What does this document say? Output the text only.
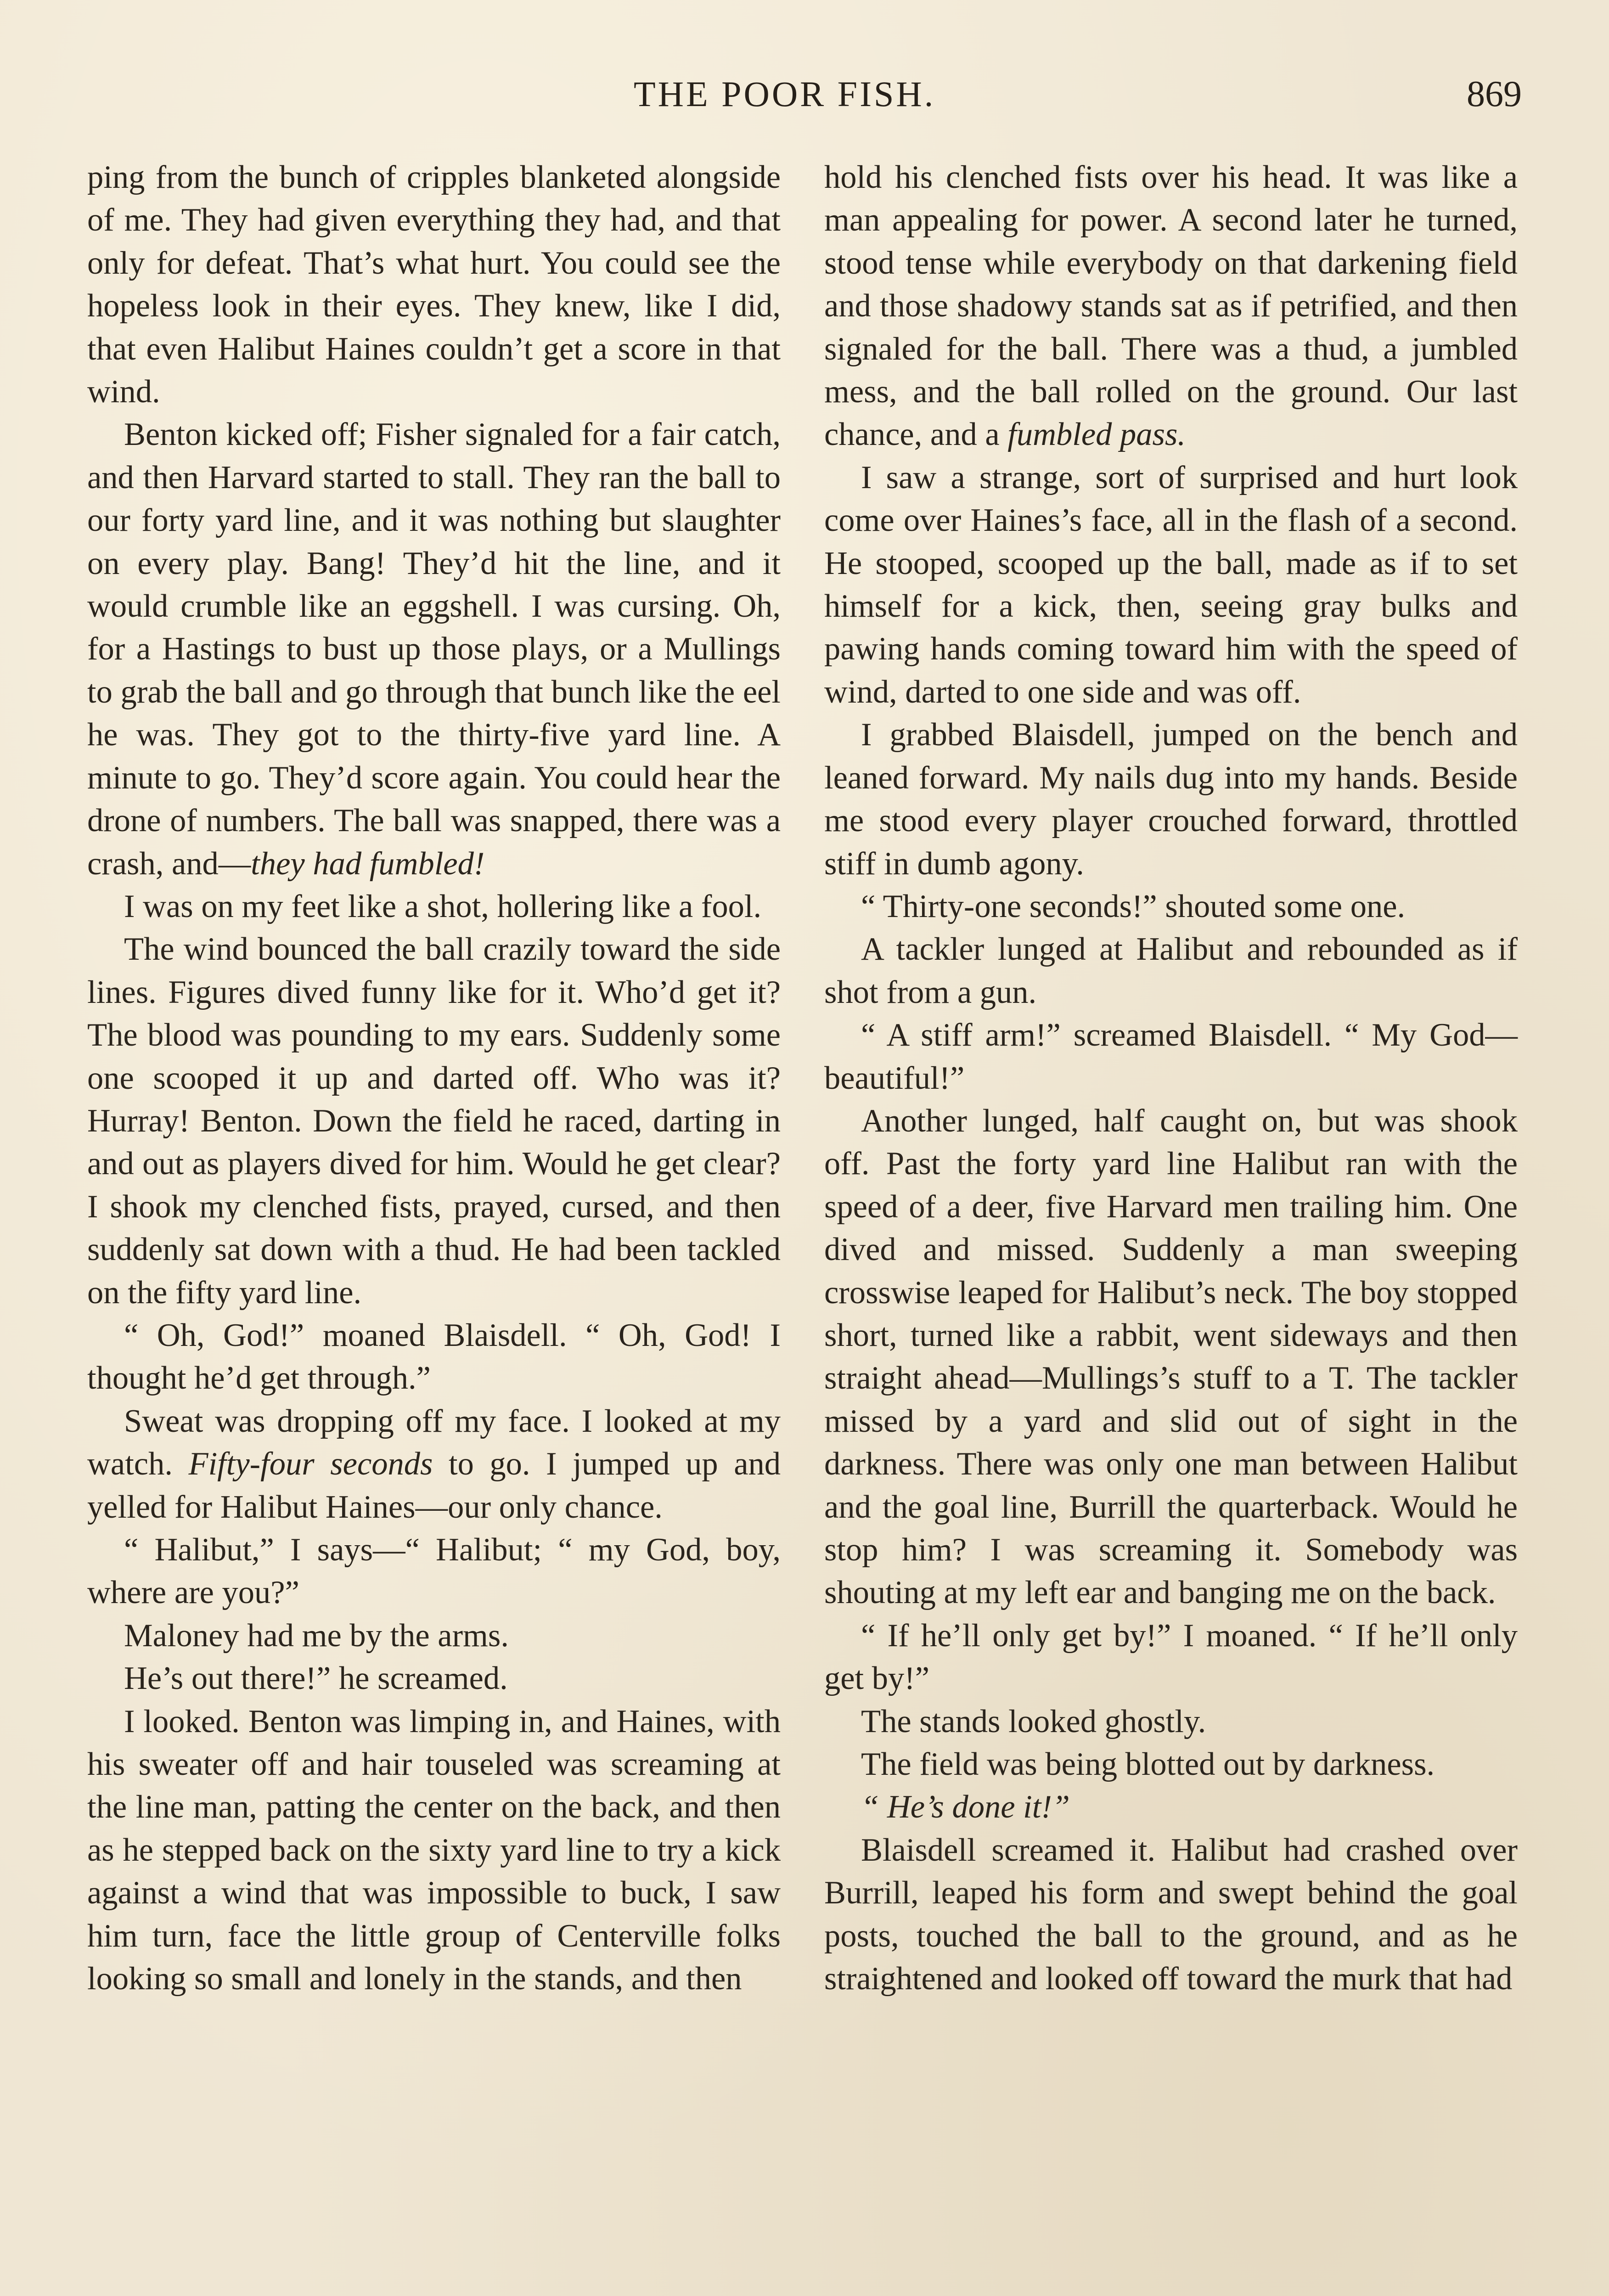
THE POOR FISH.	869

ping from the bunch of cripples blanketed alongside of me. They had given everything they had, and that only for defeat. That’s what hurt. You could see the hopeless look in their eyes. They knew, like I did, that even Halibut Haines couldn’t get a score in that wind.

Benton kicked off; Fisher signaled for a fair catch, and then Harvard started to stall. They ran the ball to our forty yard line, and it was nothing but slaughter on every play. Bang! They’d hit the line, and it would crumble like an eggshell. I was cursing. Oh, for a Hastings to bust up those plays, or a Mullings to grab the ball and go through that bunch like the eel he was. They got to the thirty-five yard line. A minute to go. They’d score again. You could hear the drone of numbers. The ball was snapped, there was a crash, and—they had fumbled!

I was on my feet like a shot, hollering like a fool.

The wind bounced the ball crazily toward the side lines. Figures dived funny like for it. Who’d get it? The blood was pounding to my ears. Suddenly some one scooped it up and darted off. Who was it? Hurray! Benton. Down the field he raced, darting in and out as players dived for him. Would he get clear? I shook my clenched fists, prayed, cursed, and then suddenly sat down with a thud. He had been tackled on the fifty yard line.

“ Oh, God!” moaned Blaisdell. “ Oh, God! I thought he’d get through.”

Sweat was dropping off my face. I looked at my watch. Fifty-four seconds to go. I jumped up and yelled for Halibut Haines—our only chance.

“ Halibut,” I says—“ Halibut; “ my God, boy, where are you?”

Maloney had me by the arms.

He’s out there!” he screamed.

I looked. Benton was limping in, and Haines, with his sweater off and hair touseled was screaming at the line man, patting the center on the back, and then as he stepped back on the sixty yard line to try a kick against a wind that was impossible to buck, I saw him turn, face the little group of Centerville folks looking so small and lonely in the stands, and then

hold his clenched fists over his head. It was like a man appealing for power. A second later he turned, stood tense while everybody on that darkening field and those shadowy stands sat as if petrified, and then signaled for the ball. There was a thud, a jumbled mess, and the ball rolled on the ground. Our last chance, and a fumbled pass.

I saw a strange, sort of surprised and hurt look come over Haines’s face, all in the flash of a second. He stooped, scooped up the ball, made as if to set himself for a kick, then, seeing gray bulks and pawing hands coming toward him with the speed of wind, darted to one side and was off.

I grabbed Blaisdell, jumped on the bench and leaned forward. My nails dug into my hands. Beside me stood every player crouched forward, throttled stiff in dumb agony.

“ Thirty-one seconds!” shouted some one.

A tackler lunged at Halibut and rebounded as if shot from a gun.

“ A stiff arm!” screamed Blaisdell. “ My God—beautiful!”

Another lunged, half caught on, but was shook off. Past the forty yard line Halibut ran with the speed of a deer, five Harvard men trailing him. One dived and missed. Suddenly a man sweeping crosswise leaped for Halibut’s neck. The boy stopped short, turned like a rabbit, went sideways and then straight ahead—Mullings’s stuff to a T. The tackler missed by a yard and slid out of sight in the darkness. There was only one man between Halibut and the goal line, Burrill the quarterback. Would he stop him? I was screaming it. Somebody was shouting at my left ear and banging me on the back.

“ If he’ll only get by!” I moaned. “ If he’ll only get by!”

The stands looked ghostly.

The field was being blotted out by darkness.

“ He’s done it!”

Blaisdell screamed it. Halibut had crashed over Burrill, leaped his form and swept behind the goal posts, touched the ball to the ground, and as he straightened and looked off toward the murk that had
